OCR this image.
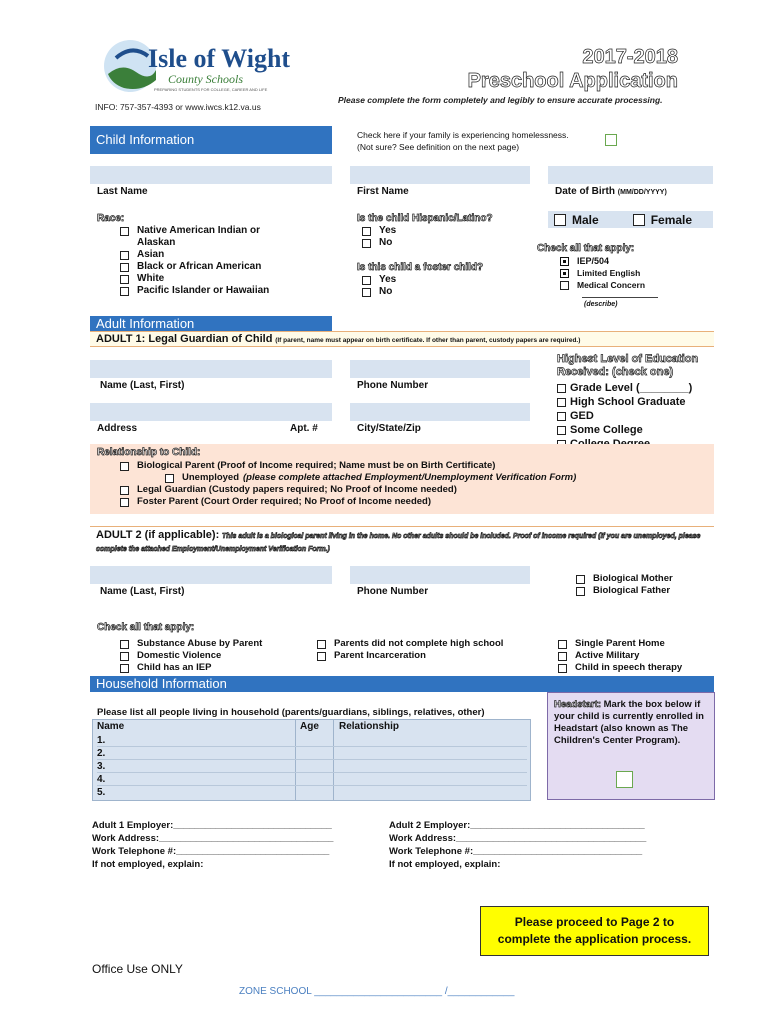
Isle of Wight
County Schools
PREPARING STUDENTS FOR COLLEGE, CAREER AND LIFE
INFO: 757-357-4393 or www.iwcs.k12.va.us
2017-2018
Preschool Application
Please complete the form completely and legibly to ensure accurate processing.
Child Information	Check here if your family is experiencing homelessness.
(Not sure? See definition on the next page)
Last Name	First Name	Date of Birth (MM/DD/YYYY)
Race:
Native American Indian or
Alaskan
Asian
Black or African American
White
Pacific Islander or Hawaiian
Is the child Hispanic/Latino?
Yes
No
Is this child a foster child?
Yes
No
Male	Female
Check all that apply:
IEP/504
Limited English
Medical Concern
(describe)
Adult Information
ADULT 1: Legal Guardian of Child (If parent, name must appear on birth certificate. If other than parent, custody papers are required.)
Name (Last, First)	Phone Number
Address	Apt. #	City/State/Zip
Highest Level of Education Received: (check one)
Grade Level (________)
High School Graduate
GED
Some College
Relationship to Child:
Biological Parent (Proof of Income required; Name must be on Birth Certificate)
Unemployed (please complete attached Employment/Unemployment Verification Form)
Legal Guardian (Custody papers required; No Proof of Income needed)
Foster Parent (Court Order required; No Proof of Income needed)
ADULT 2 (if applicable): This adult is a biological parent living in the home. No other adults should be included. Proof of income required (If you are unemployed, please complete the attached Employment/Unemployment Verification Form.)
Name (Last, First)	Phone Number
Biological Mother
Biological Father
Check all that apply:
Substance Abuse by Parent
Domestic Violence
Child has an IEP
Parents did not complete high school
Parent Incarceration
Single Parent Home
Active Military
Child in speech therapy
Household Information
Please list all people living in household (parents/guardians, siblings, relatives, other)
Name	Age Relationship
1.
2.
3.
4.
5.
Headstart: Mark the box below if your child is currently enrolled in Headstart (also known as The Children's Center Program).
Adult 1 Employer:______________________________
Work Address:_________________________________
Work Telephone #:_____________________________
If not employed, explain:
Adult 2 Employer:_________________________________
Work Address:____________________________________
Work Telephone #:________________________________
If not employed, explain:
Please proceed to Page 2 to complete the application process.
Office Use ONLY
ZONE SCHOOL _______________________ /____________
